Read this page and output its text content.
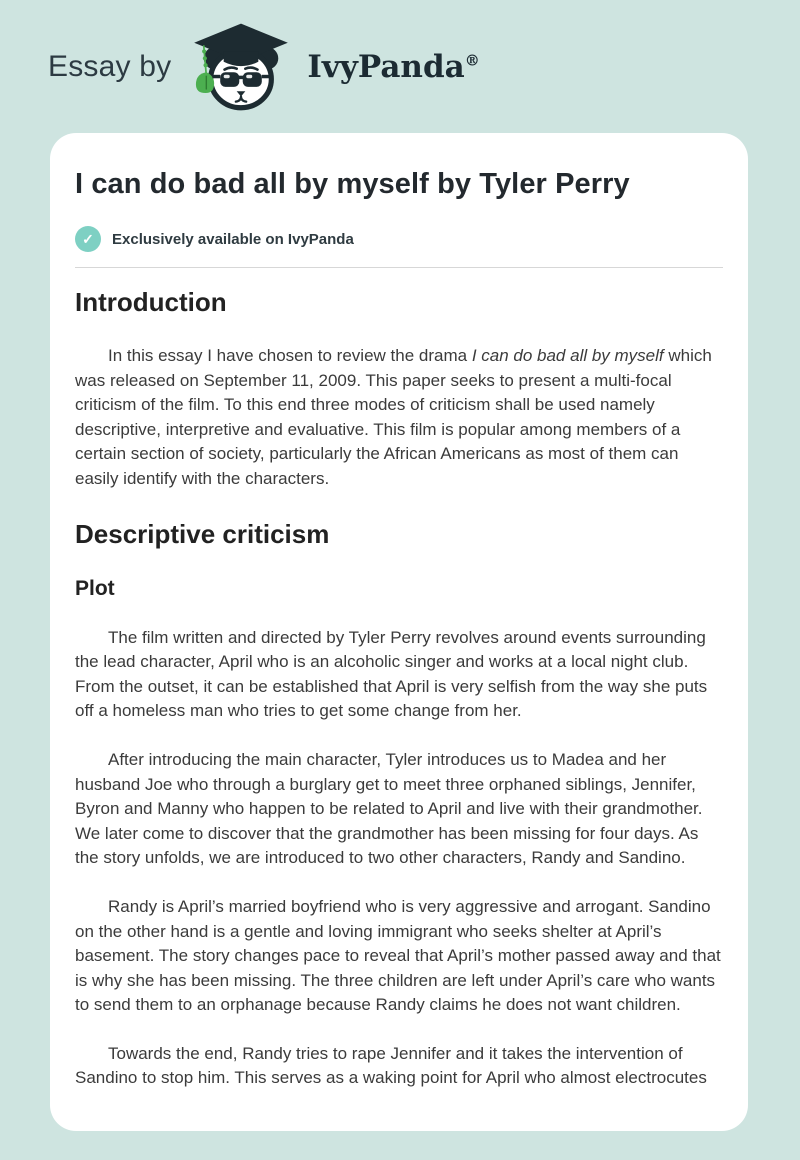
Essay by	IvyPanda®
I can do bad all by myself by Tyler Perry
✓	Exclusively available on IvyPanda
Introduction

In this essay I have chosen to review the drama I can do bad all by myself which was released on September 11, 2009. This paper seeks to present a multi-focal criticism of the film. To this end three modes of criticism shall be used namely descriptive, interpretive and evaluative. This film is popular among members of a certain section of society, particularly the African Americans as most of them can easily identify with the characters.

Descriptive criticism
Plot

The film written and directed by Tyler Perry revolves around events surrounding the lead character, April who is an alcoholic singer and works at a local night club. From the outset, it can be established that April is very selfish from the way she puts off a homeless man who tries to get some change from her.

After introducing the main character, Tyler introduces us to Madea and her husband Joe who through a burglary get to meet three orphaned siblings, Jennifer, Byron and Manny who happen to be related to April and live with their grandmother. We later come to discover that the grandmother has been missing for four days. As the story unfolds, we are introduced to two other characters, Randy and Sandino.

Randy is April’s married boyfriend who is very aggressive and arrogant. Sandino on the other hand is a gentle and loving immigrant who seeks shelter at April’s basement. The story changes pace to reveal that April’s mother passed away and that is why she has been missing. The three children are left under April’s care who wants to send them to an orphanage because Randy claims he does not want children.

Towards the end, Randy tries to rape Jennifer and it takes the intervention of Sandino to stop him. This serves as a waking point for April who almost electrocutes
